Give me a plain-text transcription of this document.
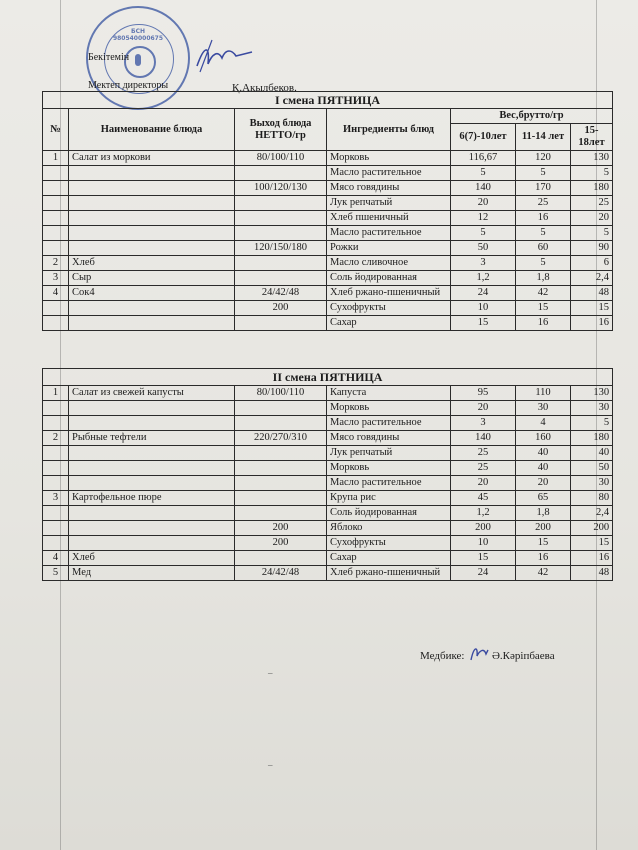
БСН 980540000675
Бекітемін
Мектеп директоры	Қ.Акылбеков.
I смена ПЯТНИЦА						
№	Наименование блюда	Выход блюда НЕТТО/гр	Ингредиенты блюд	Вес,брутто/гр		
				6(7)-10лет	11-14 лет	15-18лет
1	Салат из моркови	80/100/110	Морковь	116,67	120	130
			Масло растительное	5	5	5
		100/120/130	Мясо говядины	140	170	180
			Лук репчатый	20	25	25
			Хлеб пшеничный	12	16	20
			Масло растительное	5	5	5
		120/150/180	Рожки	50	60	90
2	Хлеб		Масло сливочное	3	5	6
3	Сыр		Соль йодированная	1,2	1,8	2,4
4	Сок4	24/42/48	Хлеб ржано-пшеничный	24	42	48
		200	Сухофрукты	10	15	15
			Сахар	15	16	16
II смена ПЯТНИЦА						
1	Салат из свежей капусты	80/100/110	Капуста	95	110	130
			Морковь	20	30	30
			Масло растительное	3	4	5
2	Рыбные тефтели	220/270/310	Мясо говядины	140	160	180
			Лук репчатый	25	40	40
			Морковь	25	40	50
			Масло растительное	20	20	30
3	Картофельное пюре		Крупа рис	45	65	80
			Соль йодированная	1,2	1,8	2,4
		200	Яблоко	200	200	200
		200	Сухофрукты	10	15	15
4	Хлеб		Сахар	15	16	16
5	Мед	24/42/48	Хлеб ржано-пшеничный	24	42	48
Медбике:	Ә.Кәріпбаева
–
–
